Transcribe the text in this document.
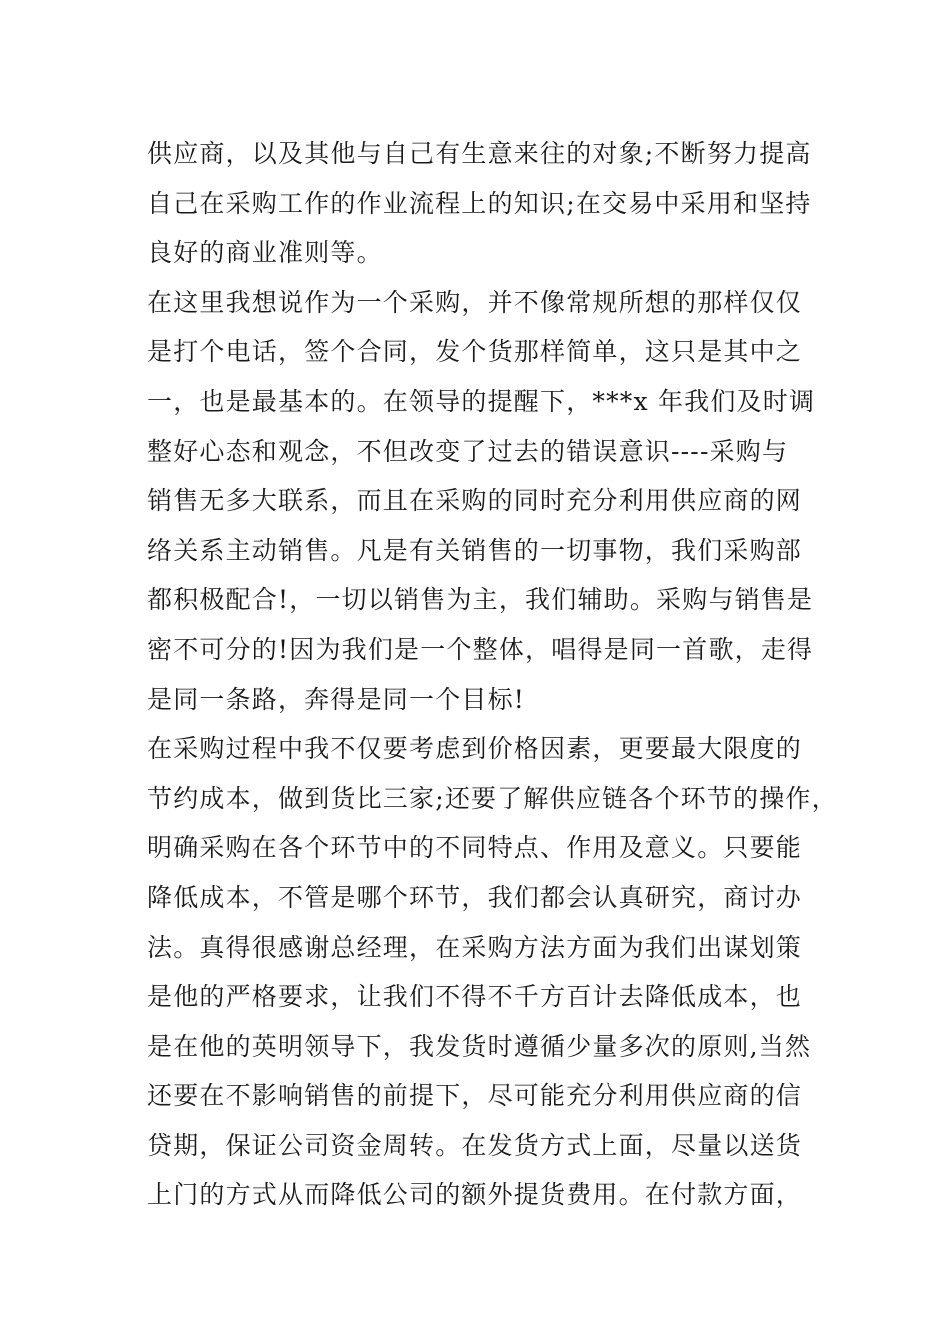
供应商，以及其他与自己有生意来往的对象;不断努力提高
自己在采购工作的作业流程上的知识;在交易中采用和坚持
良好的商业准则等。
在这里我想说作为一个采购，并不像常规所想的那样仅仅
是打个电话，签个合同，发个货那样简单，这只是其中之
一，也是最基本的。在领导的提醒下，***x 年我们及时调
整好心态和观念，不但改变了过去的错误意识----采购与
销售无多大联系，而且在采购的同时充分利用供应商的网
络关系主动销售。凡是有关销售的一切事物，我们采购部
都积极配合!，一切以销售为主，我们辅助。采购与销售是
密不可分的!因为我们是一个整体，唱得是同一首歌，走得
是同一条路，奔得是同一个目标!
在采购过程中我不仅要考虑到价格因素，更要最大限度的
节约成本，做到货比三家;还要了解供应链各个环节的操作，
明确采购在各个环节中的不同特点、作用及意义。只要能
降低成本，不管是哪个环节，我们都会认真研究，商讨办
法。真得很感谢总经理，在采购方法方面为我们出谋划策
是他的严格要求，让我们不得不千方百计去降低成本，也
是在他的英明领导下，我发货时遵循少量多次的原则,当然
还要在不影响销售的前提下，尽可能充分利用供应商的信
贷期，保证公司资金周转。在发货方式上面，尽量以送货
上门的方式从而降低公司的额外提货费用。在付款方面，
